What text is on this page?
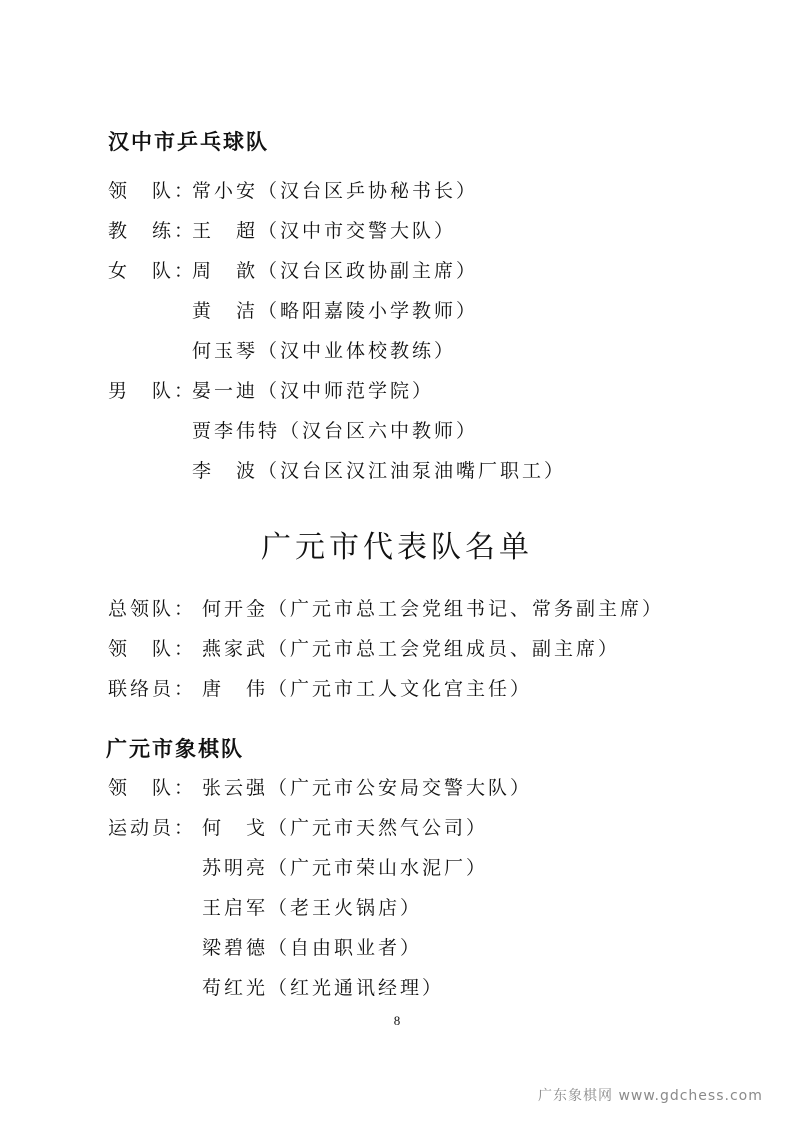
汉中市乒乓球队
领　队：
常小安（汉台区乒协秘书长）
教　练：
王　超（汉中市交警大队）
女　队：
周　歆（汉台区政协副主席）
黄　洁（略阳嘉陵小学教师）
何玉琴（汉中业体校教练）
男　队：
晏一迪（汉中师范学院）
贾李伟特（汉台区六中教师）
李　波（汉台区汉江油泵油嘴厂职工）
广元市代表队名单
总领队： 何开金（广元市总工会党组书记、常务副主席）
领　队： 燕家武（广元市总工会党组成员、副主席）
联络员： 唐　伟（广元市工人文化宫主任）
广元市象棋队
领　队： 张云强（广元市公安局交警大队）
运动员： 何　戈（广元市天然气公司）
苏明亮（广元市荣山水泥厂）
王启军（老王火锅店）
梁碧德（自由职业者）
苟红光（红光通讯经理）
8
广东象棋网 www.gdchess.com
